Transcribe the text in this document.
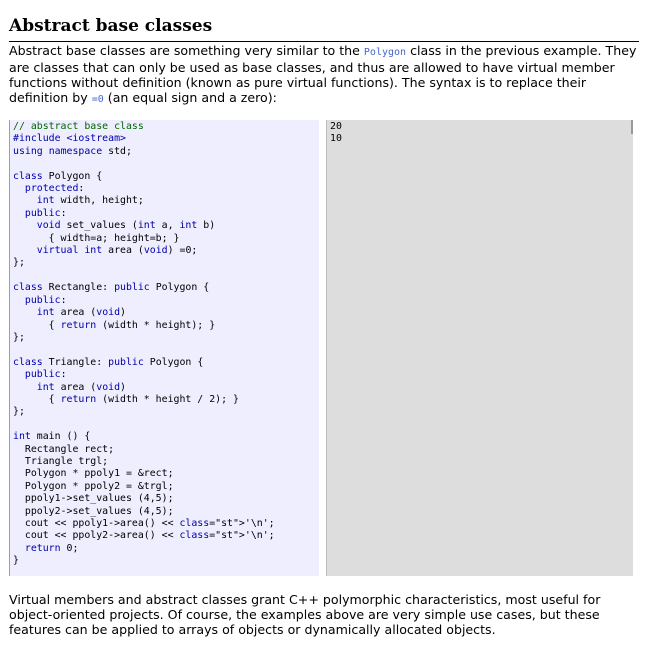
Abstract base classes

Abstract base classes are something very similar to the Polygon class in the previous example. They are classes that can only be used as base classes, and thus are allowed to have virtual member functions without definition (known as pure virtual functions). The syntax is to replace their definition by =0 (an equal sign and a zero):

// abstract base class
#include <iostream>
using namespace std;

class Polygon {
protected:
int width, height;
public:
void set_values (int a, int b)
{ width=a; height=b; }
virtual int area (void) =0;
};

class Rectangle: public Polygon {
public:
int area (void)
{ return (width * height); }
};

class Triangle: public Polygon {
public:
int area (void)
{ return (width * height / 2); }
};

int main () {
Rectangle rect;
Triangle trgl;
Polygon * ppoly1 = &rect;
Polygon * ppoly2 = &trgl;
ppoly1->set_values (4,5);
ppoly2->set_values (4,5);
cout << ppoly1->area() << class="st">'\n';
cout << ppoly2->area() << class="st">'\n';
return 0;
}

20
10

Virtual members and abstract classes grant C++ polymorphic characteristics, most useful for object-oriented projects. Of course, the examples above are very simple use cases, but these features can be applied to arrays of objects or dynamically allocated objects.
